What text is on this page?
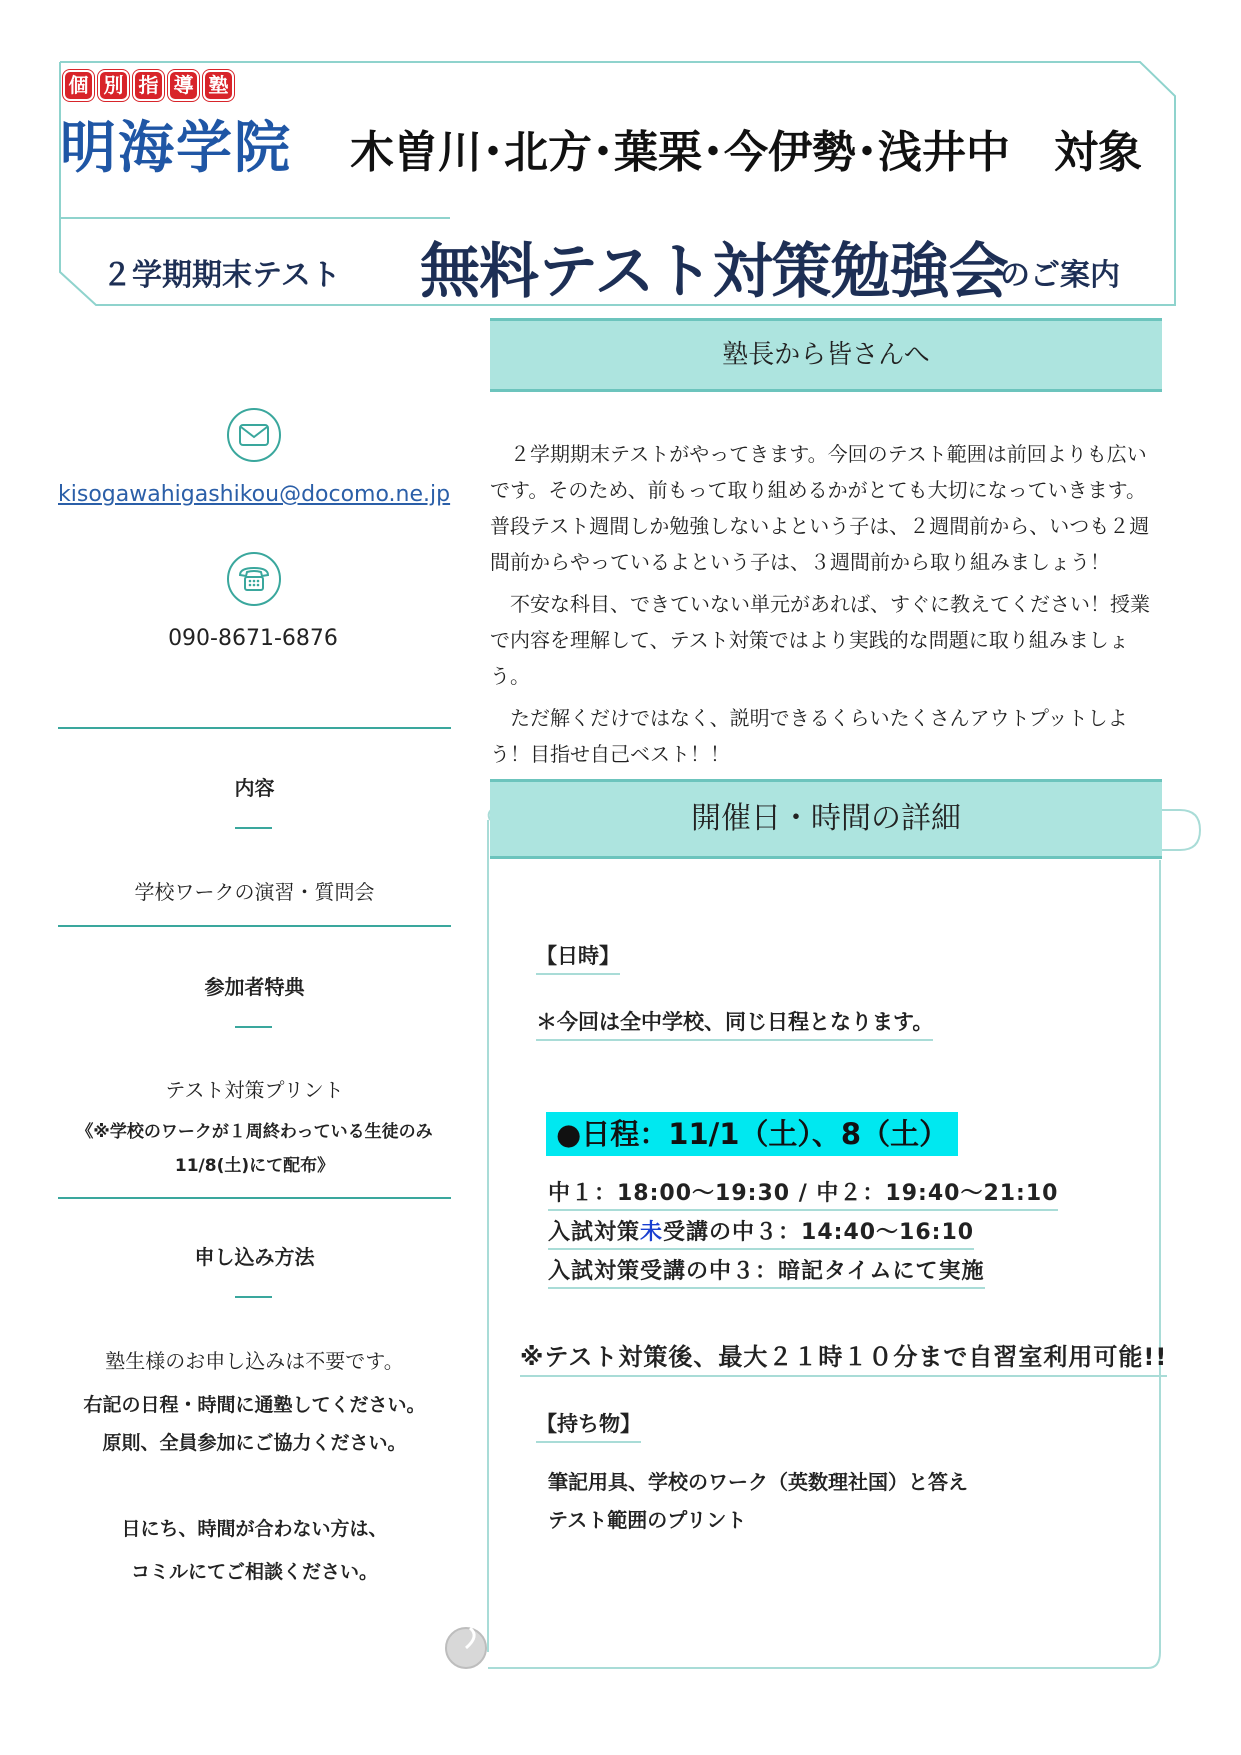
個 別 指 導 塾
明海学院 木曽川･北方･葉栗･今伊勢･浅井中　対象
２学期期末テスト 無料テスト対策勉強会
のご案内
塾長から皆さんへ

２学期期末テストがやってきます。今回のテスト範囲は前回よりも広いです。そのため、前もって取り組めるかがとても大切になっていきます。普段テスト週間しか勉強しないよという子は、２週間前から、いつも２週間前からやっているよという子は、３週間前から取り組みましょう！

不安な科目、できていない単元があれば、すぐに教えてください！授業で内容を理解して、テスト対策ではより実践的な問題に取り組みましょう。

ただ解くだけではなく、説明できるくらいたくさんアウトプットしよう！目指せ自己ベスト！！

kisogawahigashikou@docomo.ne.jp
090-8671-6876
内容
学校ワークの演習・質問会
参加者特典
テスト対策プリント
《※学校のワークが１周終わっている生徒のみ
11/8(土)にて配布》
申し込み方法
塾生様のお申し込みは不要です。
右記の日程・時間に通塾してください。
原則、全員参加にご協力ください。
日にち、時間が合わない方は、
コミルにてご相談ください。
開催日・時間の詳細
【日時】
＊今回は全中学校、同じ日程となります。
●日程：11/1（土）、8（土）
中１：18:00～19:30 / 中２：19:40～21:10
入試対策未受講の中３：14:40～16:10
入試対策受講の中３：暗記タイムにて実施
※テスト対策後、最大２１時１０分まで自習室利用可能!!
【持ち物】
筆記用具、学校のワーク（英数理社国）と答え
テスト範囲のプリント
